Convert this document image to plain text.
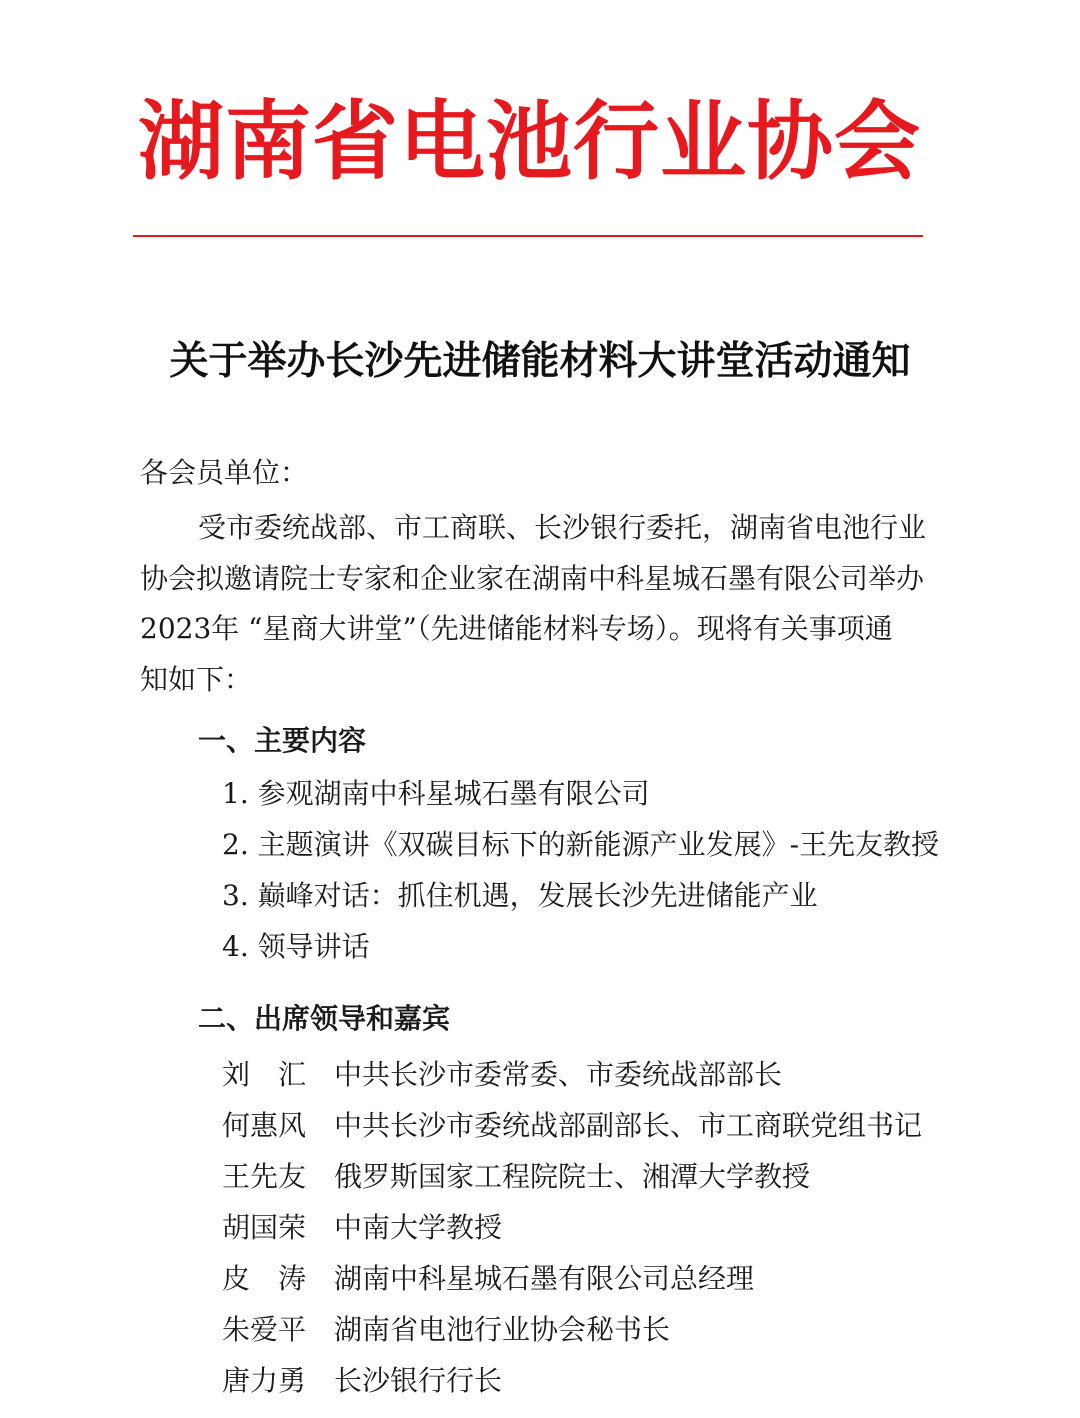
湖南省电池行业协会
关于举办长沙先进储能材料大讲堂活动通知
各会员单位：
受市委统战部、市工商联、长沙银行委托，湖南省电池行业
协会拟邀请院士专家和企业家在湖南中科星城石墨有限公司举办
2023年 “星商大讲堂”（先进储能材料专场）。现将有关事项通
知如下：
一、主要内容
1. 参观湖南中科星城石墨有限公司
2. 主题演讲《双碳目标下的新能源产业发展》-王先友教授
3. 巅峰对话：抓住机遇，发展长沙先进储能产业
4. 领导讲话
二、出席领导和嘉宾
刘汇 中共长沙市委常委、市委统战部部长
何惠风 中共长沙市委统战部副部长、市工商联党组书记
王先友 俄罗斯国家工程院院士、湘潭大学教授
胡国荣 中南大学教授
皮涛 湖南中科星城石墨有限公司总经理
朱爱平 湖南省电池行业协会秘书长
唐力勇 长沙银行行长
